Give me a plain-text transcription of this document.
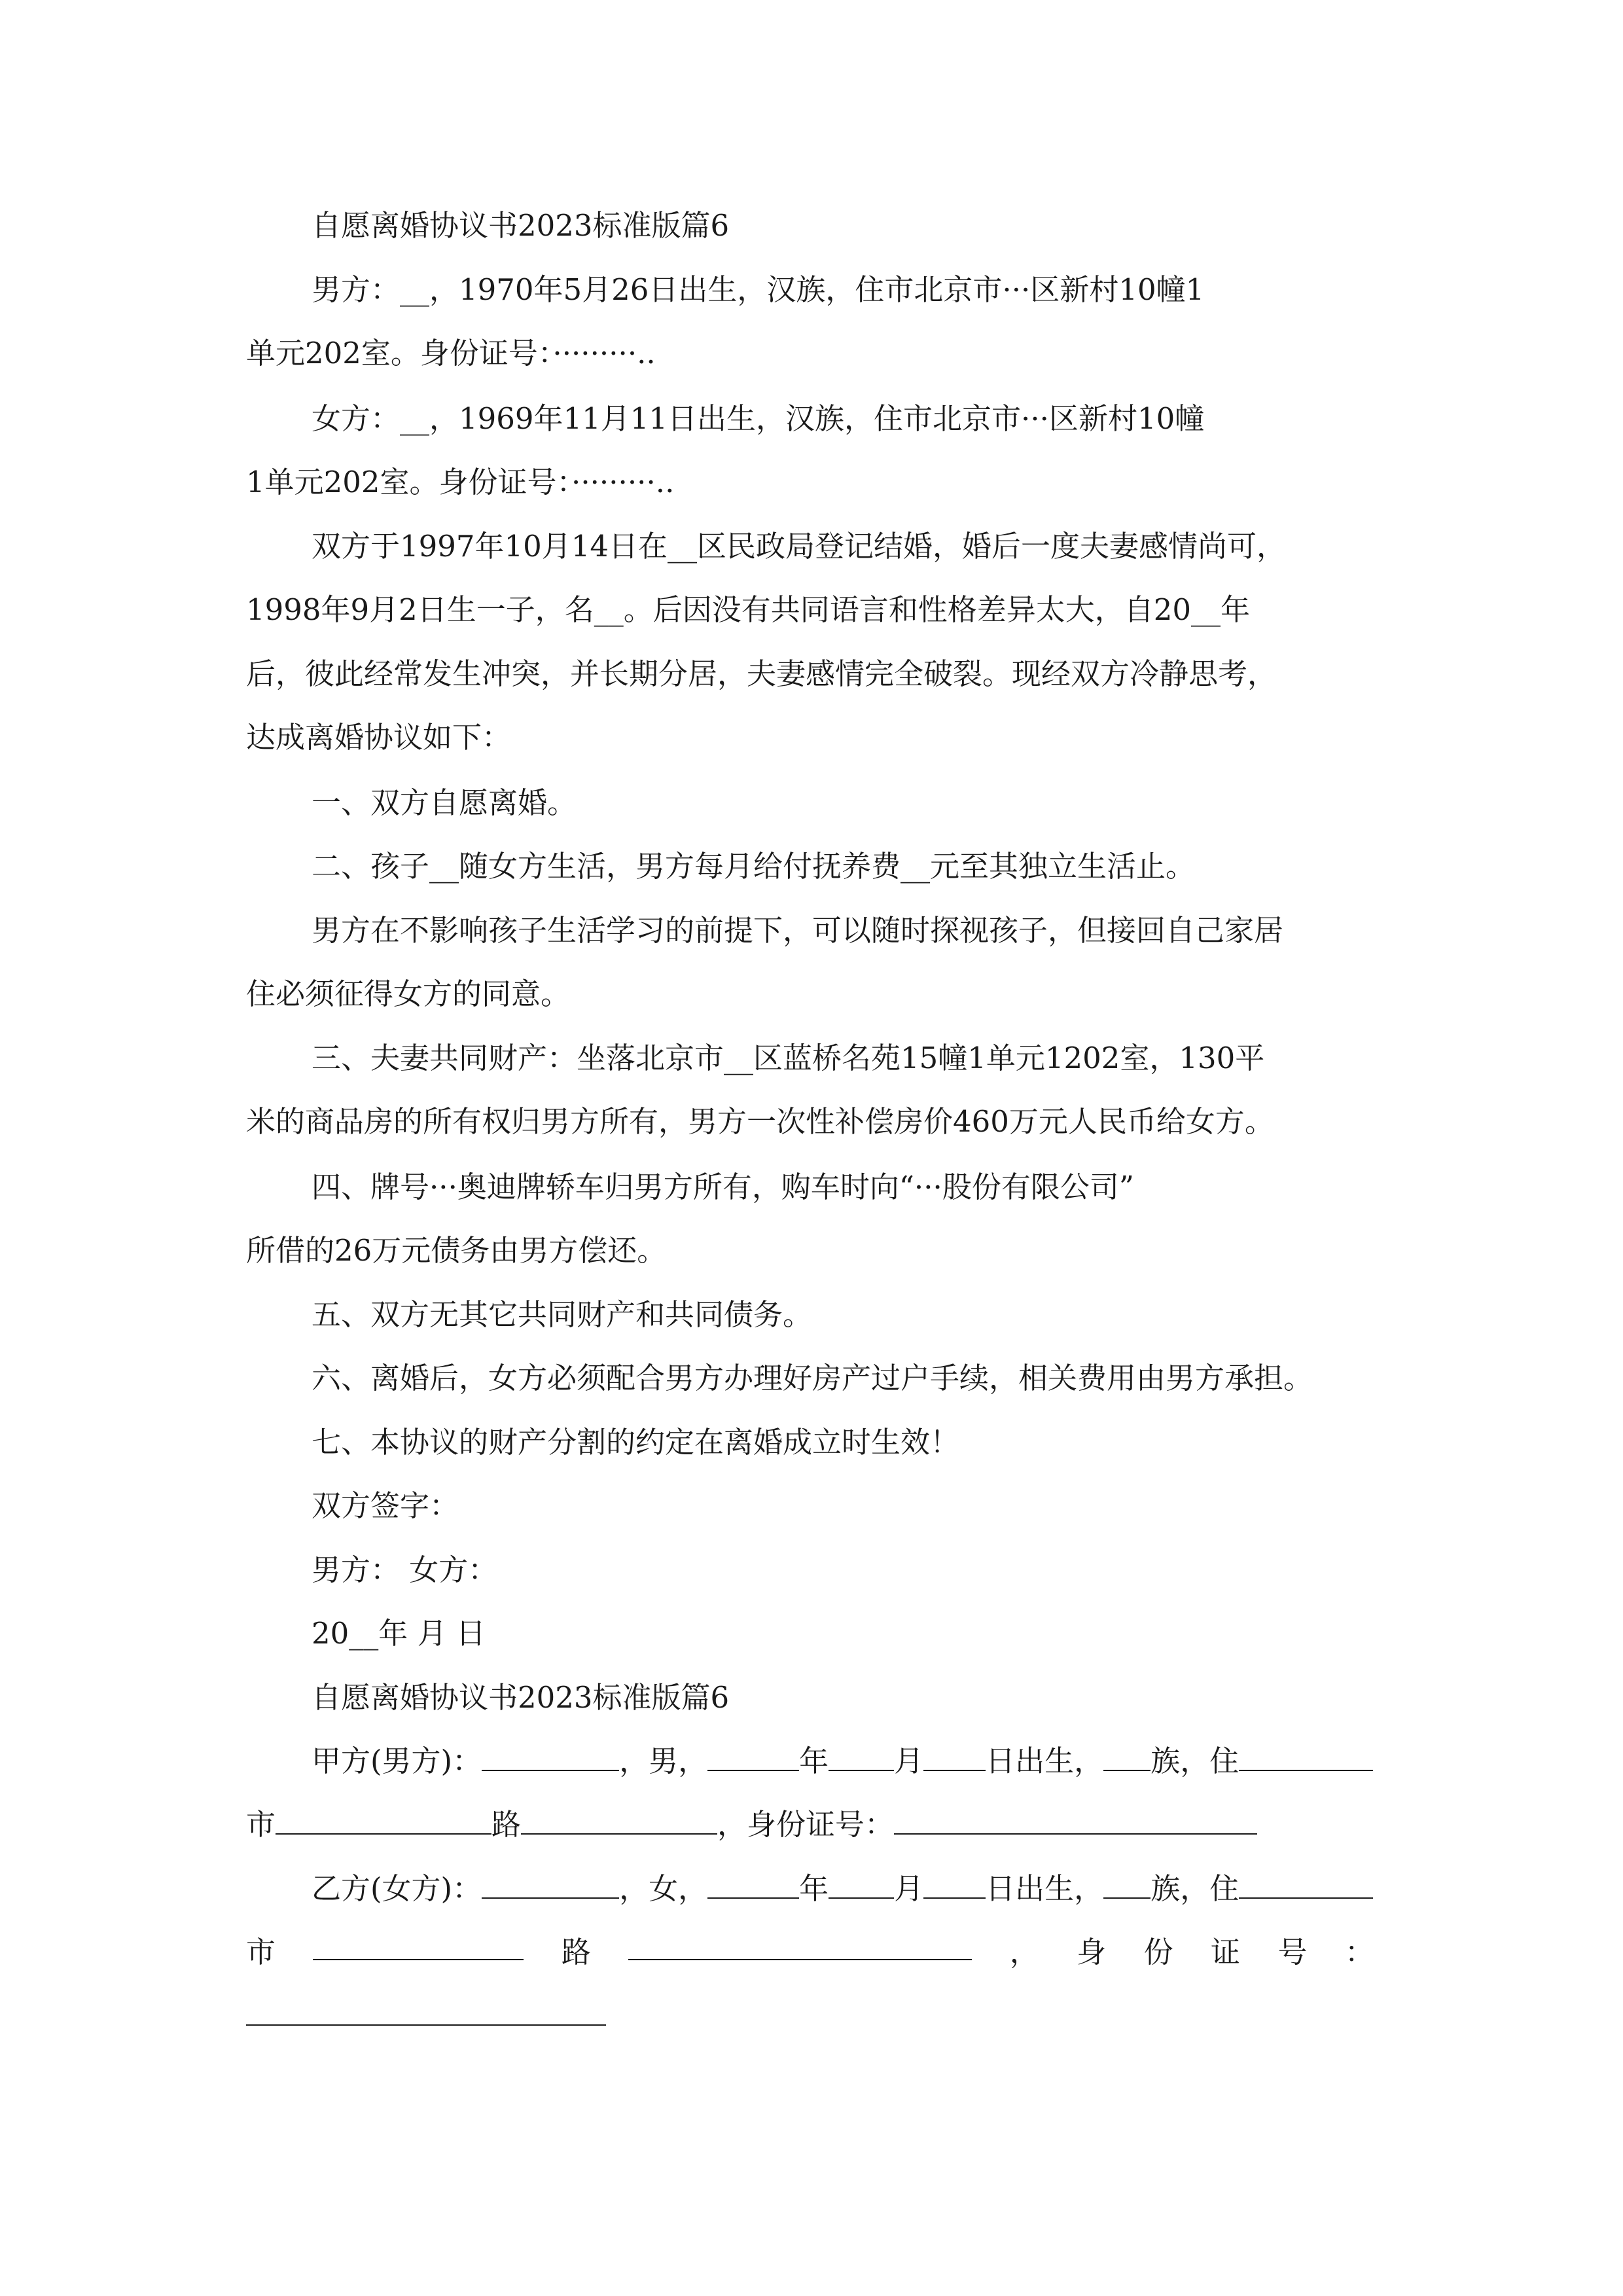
自愿离婚协议书2023标准版篇6
男方：__，1970年5月26日出生，汉族，住市北京市···区新村10幢1
单元202室。身份证号：·········..
女方：__，1969年11月11日出生，汉族，住市北京市···区新村10幢
1单元202室。身份证号：·········..
双方于1997年10月14日在__区民政局登记结婚，婚后一度夫妻感情尚可，
1998年9月2日生一子，名__。后因没有共同语言和性格差异太大，自20__年
后，彼此经常发生冲突，并长期分居，夫妻感情完全破裂。现经双方冷静思考，
达成离婚协议如下：
一、双方自愿离婚。
二、孩子__随女方生活，男方每月给付抚养费__元至其独立生活止。
男方在不影响孩子生活学习的前提下，可以随时探视孩子，但接回自己家居
住必须征得女方的同意。
三、夫妻共同财产：坐落北京市__区蓝桥名苑15幢1单元1202室，130平
米的商品房的所有权归男方所有，男方一次性补偿房价460万元人民币给女方。
四、牌号···奥迪牌轿车归男方所有，购车时向“···股份有限公司”
所借的26万元债务由男方偿还。
五、双方无其它共同财产和共同债务。
六、离婚后，女方必须配合男方办理好房产过户手续，相关费用由男方承担。
七、本协议的财产分割的约定在离婚成立时生效！
双方签字：
男方： 女方：
20__年 月 日
自愿离婚协议书2023标准版篇6
甲方(男方)：	，男，	年 月 日出生， 族，住
市	路	，身份证号：
乙方(女方)：	，女，	年 月 日出生， 族，住
市	路	， 身 份 证 号 ：
